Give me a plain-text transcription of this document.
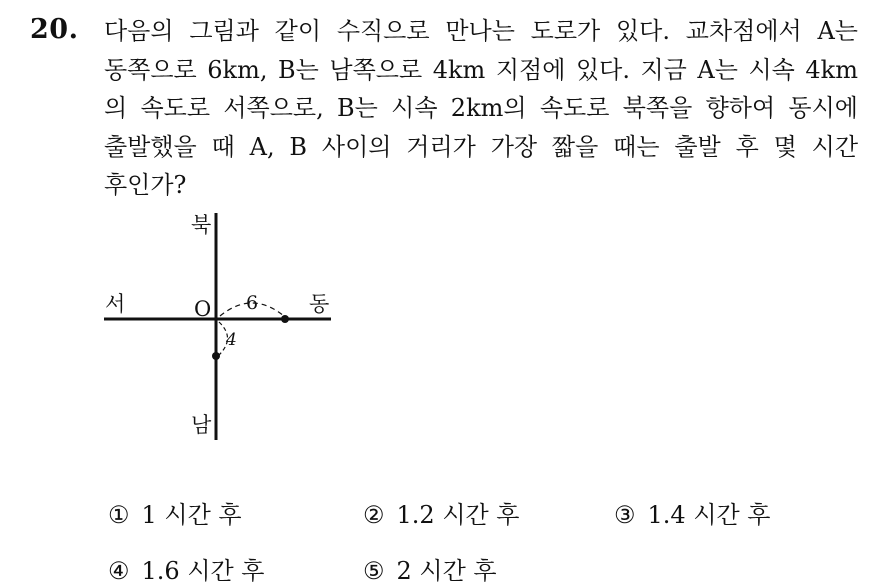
20. 다음의 그림과 같이 수직으로 만나는 도로가 있다. 교차점에서 A는
동쪽으로 6km, B는 남쪽으로 4km 지점에 있다. 지금 A는 시속 4km
의 속도로 서쪽으로, B는 시속 2km의 속도로 북쪽을 향하여 동시에
출발했을 때 A, B 사이의 거리가 가장 짧을 때는 출발 후 몇 시간
후인가?
북
남
서	동
O 6
4
① 1 시간 후	② 1.2 시간 후	③ 1.4 시간 후
④ 1.6 시간 후	⑤ 2 시간 후
